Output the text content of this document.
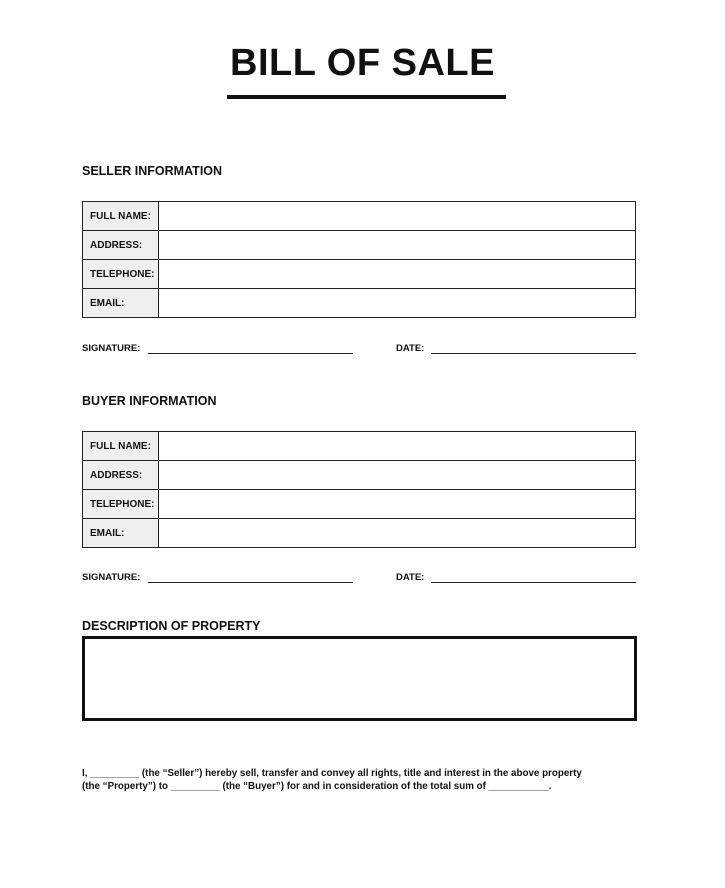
BILL OF SALE
SELLER INFORMATION
FULL NAME:	
ADDRESS:	
TELEPHONE:	
EMAIL:	
SIGNATURE:	DATE:
BUYER INFORMATION
FULL NAME:	
ADDRESS:	
TELEPHONE:	
EMAIL:	
SIGNATURE:	DATE:
DESCRIPTION OF PROPERTY

I, _________ (the “Seller”) hereby sell, transfer and convey all rights, title and interest in the above property

(the “Property”) to _________ (the “Buyer”) for and in consideration of the total sum of ___________.
